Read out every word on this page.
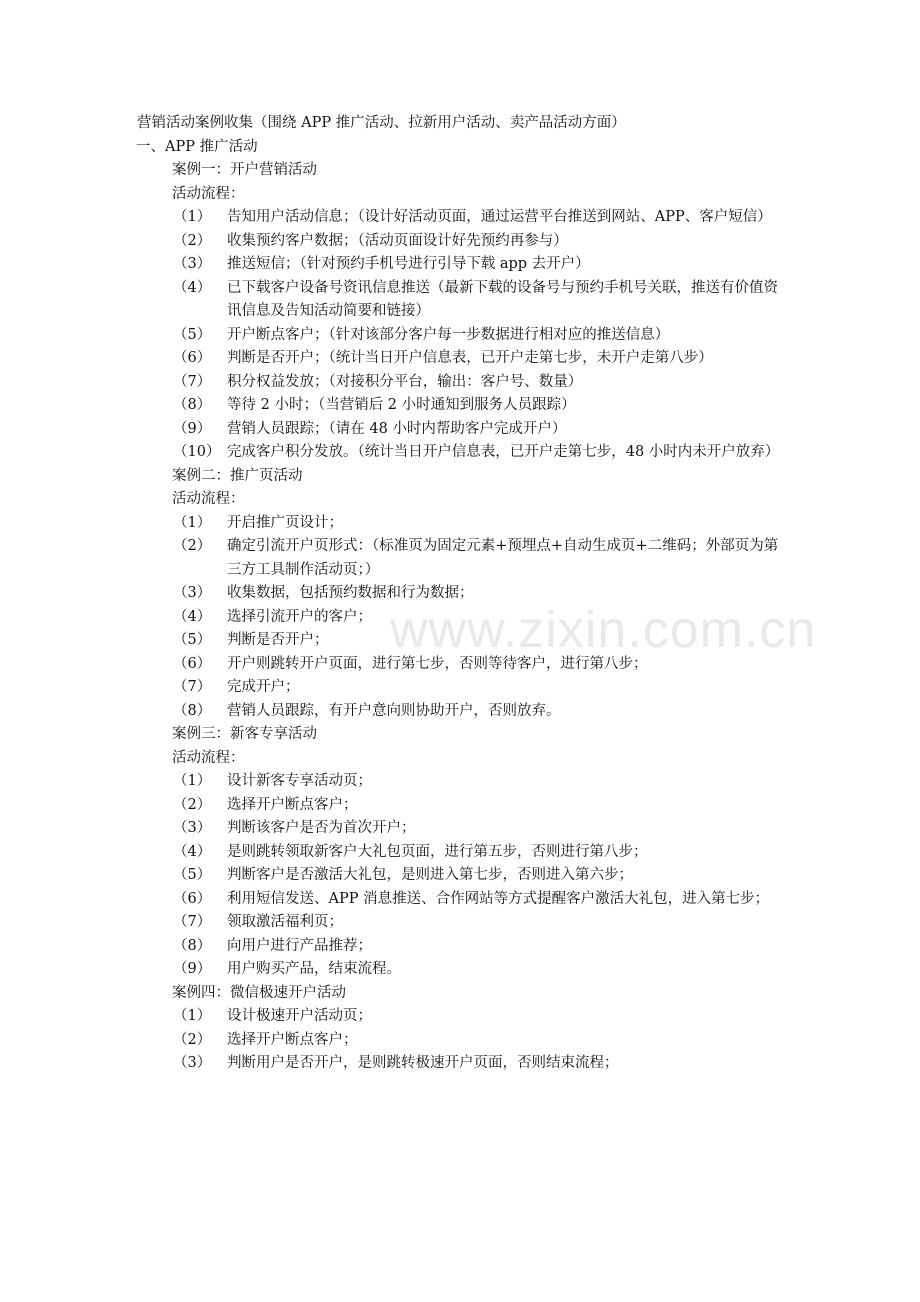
www.zixin.com.cn
营销活动案例收集（围绕 APP 推广活动、拉新用户活动、卖产品活动方面）
一、APP 推广活动
案例一：开户营销活动
活动流程：
（1）	告知用户活动信息；（设计好活动页面，通过运营平台推送到网站、APP、客户短信）
（2）	收集预约客户数据；（活动页面设计好先预约再参与）
（3）	推送短信；（针对预约手机号进行引导下载 app 去开户）
（4）	已下载客户设备号资讯信息推送（最新下载的设备号与预约手机号关联，推送有价值资讯信息及告知活动简要和链接）
（5）	开户断点客户；（针对该部分客户每一步数据进行相对应的推送信息）
（6）	判断是否开户；（统计当日开户信息表，已开户走第七步，未开户走第八步）
（7）	积分权益发放；（对接积分平台，输出：客户号、数量）
（8）	等待 2 小时；（当营销后 2 小时通知到服务人员跟踪）
（9）	营销人员跟踪；（请在 48 小时内帮助客户完成开户）
（10） 完成客户积分发放。（统计当日开户信息表，已开户走第七步，48 小时内未开户放弃）
案例二：推广页活动
活动流程：
（1）	开启推广页设计；
（2）	确定引流开户页形式：（标准页为固定元素+预埋点+自动生成页+二维码；外部页为第三方工具制作活动页；）
（3）	收集数据，包括预约数据和行为数据；
（4）	选择引流开户的客户；
（5）	判断是否开户；
（6）	开户则跳转开户页面，进行第七步，否则等待客户，进行第八步；
（7）	完成开户；
（8）	营销人员跟踪，有开户意向则协助开户，否则放弃。
案例三：新客专享活动
活动流程：
（1）	设计新客专享活动页；
（2）	选择开户断点客户；
（3）	判断该客户是否为首次开户；
（4）	是则跳转领取新客户大礼包页面，进行第五步，否则进行第八步；
（5）	判断客户是否激活大礼包，是则进入第七步，否则进入第六步；
（6）	利用短信发送、APP 消息推送、合作网站等方式提醒客户激活大礼包，进入第七步；
（7）	领取激活福利页；
（8）	向用户进行产品推荐；
（9）	用户购买产品，结束流程。
案例四：微信极速开户活动
（1）	设计极速开户活动页；
（2）	选择开户断点客户；
（3）	判断用户是否开户，是则跳转极速开户页面，否则结束流程；
